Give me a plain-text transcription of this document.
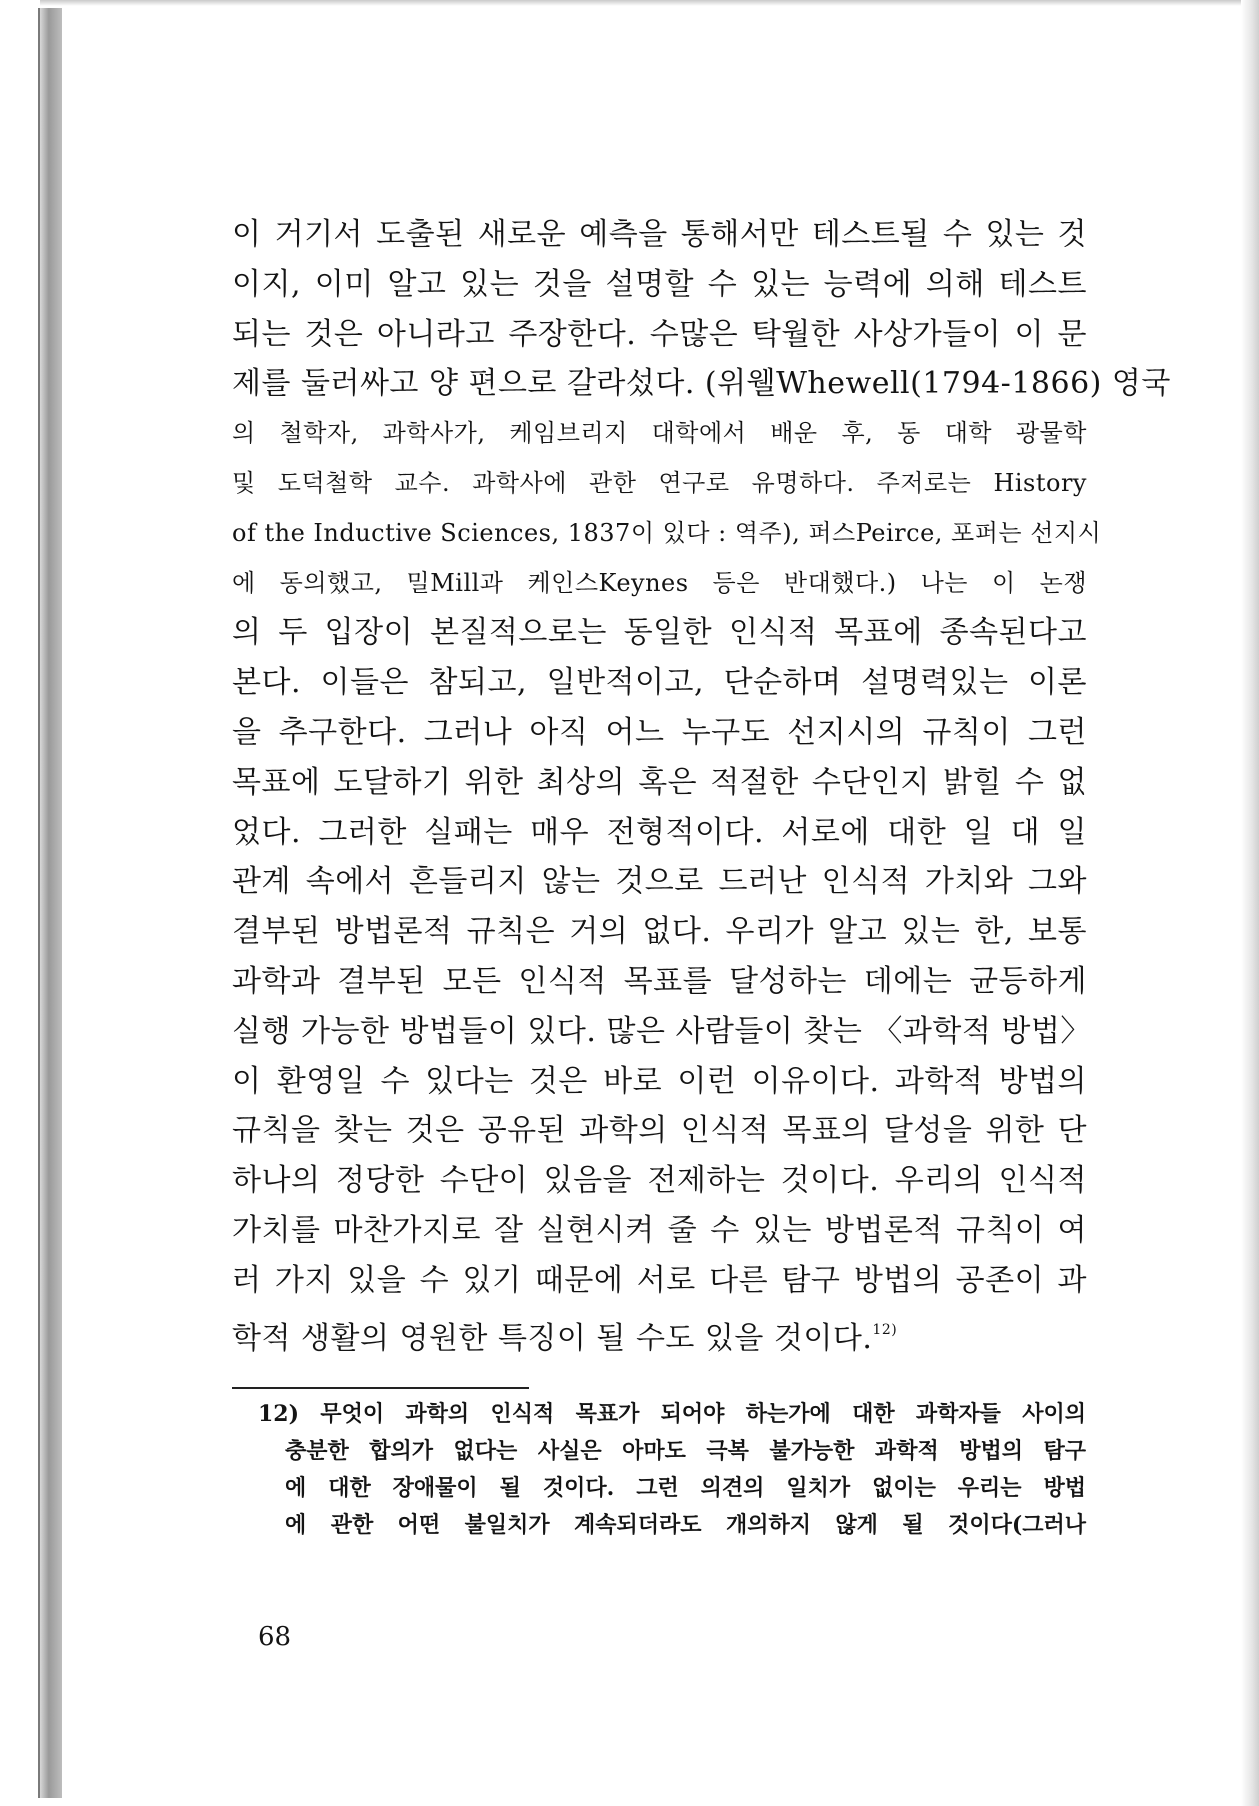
이 거기서 도출된 새로운 예측을 통해서만 테스트될 수 있는 것
이지, 이미 알고 있는 것을 설명할 수 있는 능력에 의해 테스트
되는 것은 아니라고 주장한다. 수많은 탁월한 사상가들이 이 문
제를 둘러싸고 양 편으로 갈라섰다. (위웰Whewell(1794-1866) 영국
의 철학자, 과학사가, 케임브리지 대학에서 배운 후, 동 대학 광물학
및 도덕철학 교수. 과학사에 관한 연구로 유명하다. 주저로는 History
of the Inductive Sciences, 1837이 있다 : 역주), 퍼스Peirce, 포퍼는 선지시
에 동의했고, 밀Mill과 케인스Keynes 등은 반대했다.) 나는 이 논쟁
의 두 입장이 본질적으로는 동일한 인식적 목표에 종속된다고
본다. 이들은 참되고, 일반적이고, 단순하며 설명력있는 이론
을 추구한다. 그러나 아직 어느 누구도 선지시의 규칙이 그런
목표에 도달하기 위한 최상의 혹은 적절한 수단인지 밝힐 수 없
었다. 그러한 실패는 매우 전형적이다. 서로에 대한 일 대 일
관계 속에서 흔들리지 않는 것으로 드러난 인식적 가치와 그와
결부된 방법론적 규칙은 거의 없다. 우리가 알고 있는 한, 보통
과학과 결부된 모든 인식적 목표를 달성하는 데에는 균등하게
실행 가능한 방법들이 있다. 많은 사람들이 찾는 〈과학적 방법〉
이 환영일 수 있다는 것은 바로 이런 이유이다. 과학적 방법의
규칙을 찾는 것은 공유된 과학의 인식적 목표의 달성을 위한 단
하나의 정당한 수단이 있음을 전제하는 것이다. 우리의 인식적
가치를 마찬가지로 잘 실현시켜 줄 수 있는 방법론적 규칙이 여
러 가지 있을 수 있기 때문에 서로 다른 탐구 방법의 공존이 과
학적 생활의 영원한 특징이 될 수도 있을 것이다.$^{12)}$
12) 무엇이 과학의 인식적 목표가 되어야 하는가에 대한 과학자들 사이의
충분한 합의가 없다는 사실은 아마도 극복 불가능한 과학적 방법의 탐구
에 대한 장애물이 될 것이다. 그런 의견의 일치가 없이는 우리는 방법
에 관한 어떤 불일치가 계속되더라도 개의하지 않게 될 것이다(그러나
68
